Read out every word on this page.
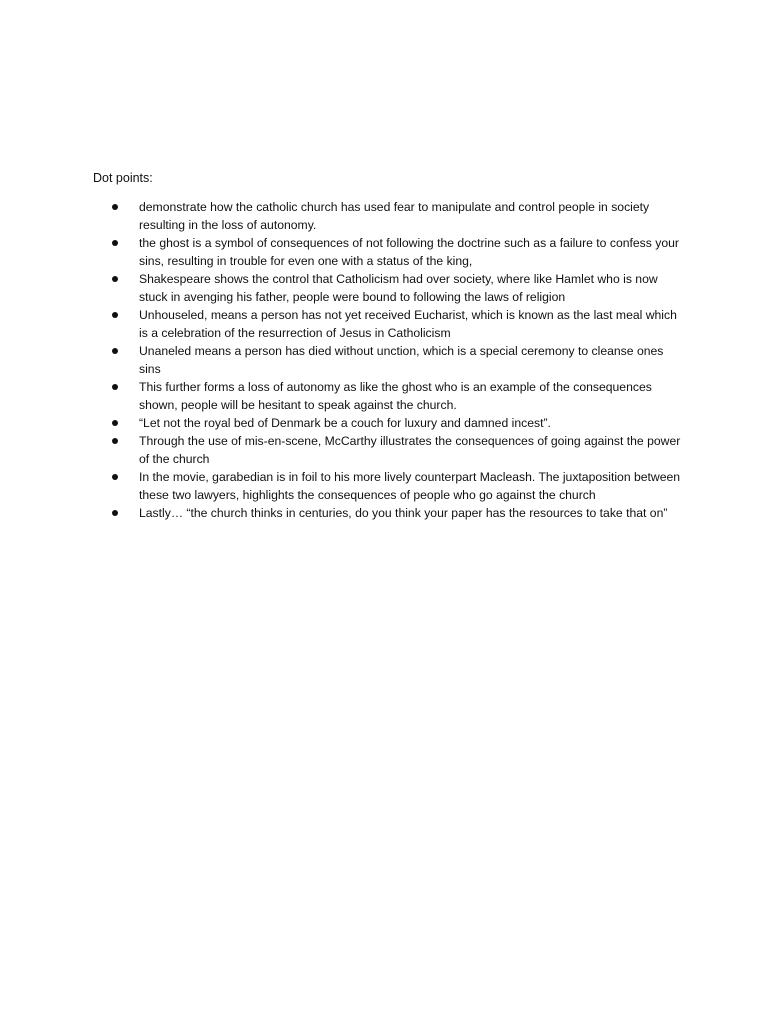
Dot points:
demonstrate how the catholic church has used fear to manipulate and control people in society resulting in the loss of autonomy.
the ghost is a symbol of consequences of not following the doctrine such as a failure to confess your sins, resulting in trouble for even one with a status of the king,
Shakespeare shows the control that Catholicism had over society, where like Hamlet who is now stuck in avenging his father, people were bound to following the laws of religion
Unhouseled, means a person has not yet received Eucharist, which is known as the last meal which is a celebration of the resurrection of Jesus in Catholicism
Unaneled means a person has died without unction, which is a special ceremony to cleanse ones sins
This further forms a loss of autonomy as like the ghost who is an example of the consequences shown, people will be hesitant to speak against the church.
“Let not the royal bed of Denmark be a couch for luxury and damned incest”.
Through the use of mis-en-scene, McCarthy illustrates the consequences of going against the power of the church
In the movie, garabedian is in foil to his more lively counterpart Macleash. The juxtaposition between these two lawyers, highlights the consequences of people who go against the church
Lastly… “the church thinks in centuries, do you think your paper has the resources to take that on”
